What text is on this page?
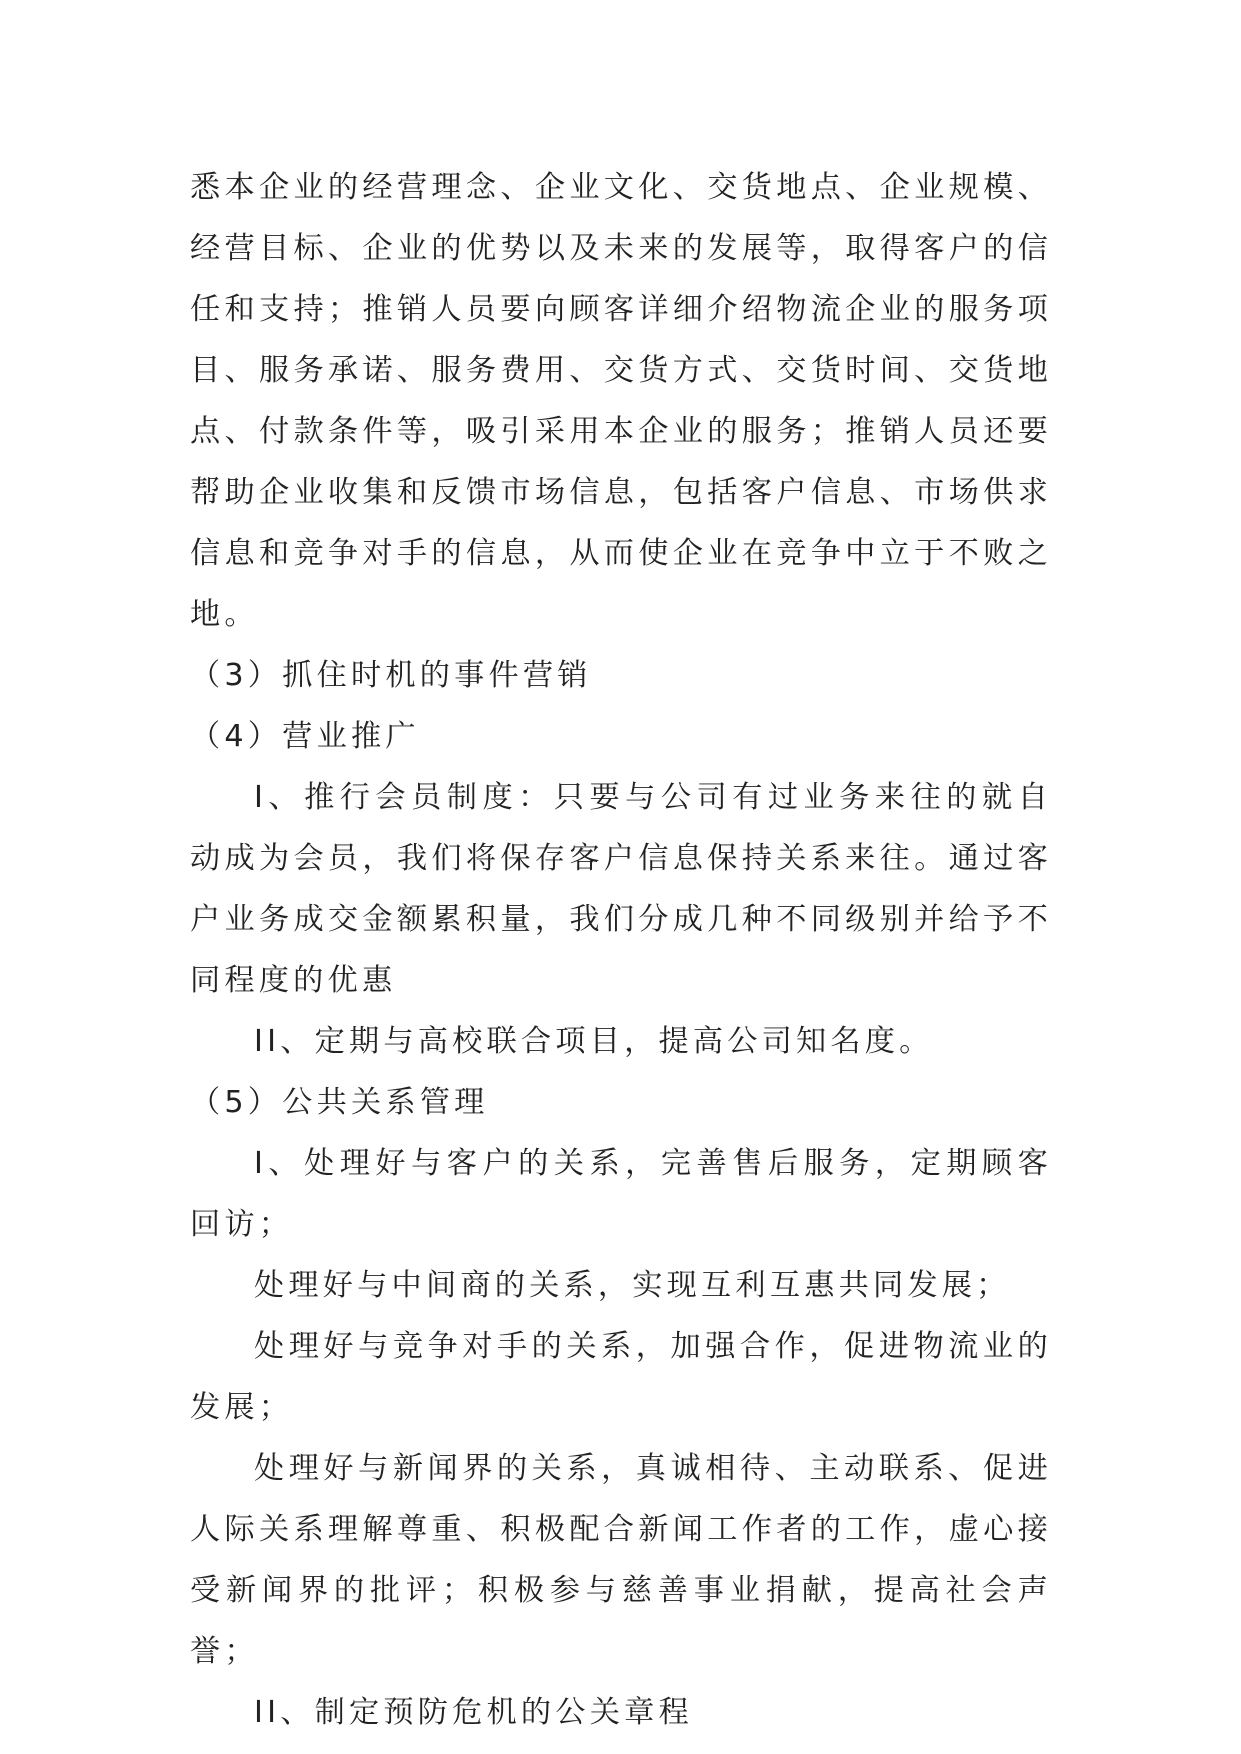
悉本企业的经营理念、企业文化、交货地点、企业规模、经营目标、企业的优势以及未来的发展等，取得客户的信任和支持；推销人员要向顾客详细介绍物流企业的服务项目、服务承诺、服务费用、交货方式、交货时间、交货地点、付款条件等，吸引采用本企业的服务；推销人员还要帮助企业收集和反馈市场信息，包括客户信息、市场供求信息和竞争对手的信息，从而使企业在竞争中立于不败之地。

（3）抓住时机的事件营销

（4）营业推广

I、推行会员制度：只要与公司有过业务来往的就自动成为会员，我们将保存客户信息保持关系来往。通过客户业务成交金额累积量，我们分成几种不同级别并给予不同程度的优惠

II、定期与高校联合项目，提高公司知名度。

（5）公共关系管理

I、处理好与客户的关系，完善售后服务，定期顾客回访；

处理好与中间商的关系，实现互利互惠共同发展；

处理好与竞争对手的关系，加强合作，促进物流业的发展；

处理好与新闻界的关系，真诚相待、主动联系、促进人际关系理解尊重、积极配合新闻工作者的工作，虚心接受新闻界的批评；积极参与慈善事业捐献，提高社会声誉；

II、制定预防危机的公关章程
